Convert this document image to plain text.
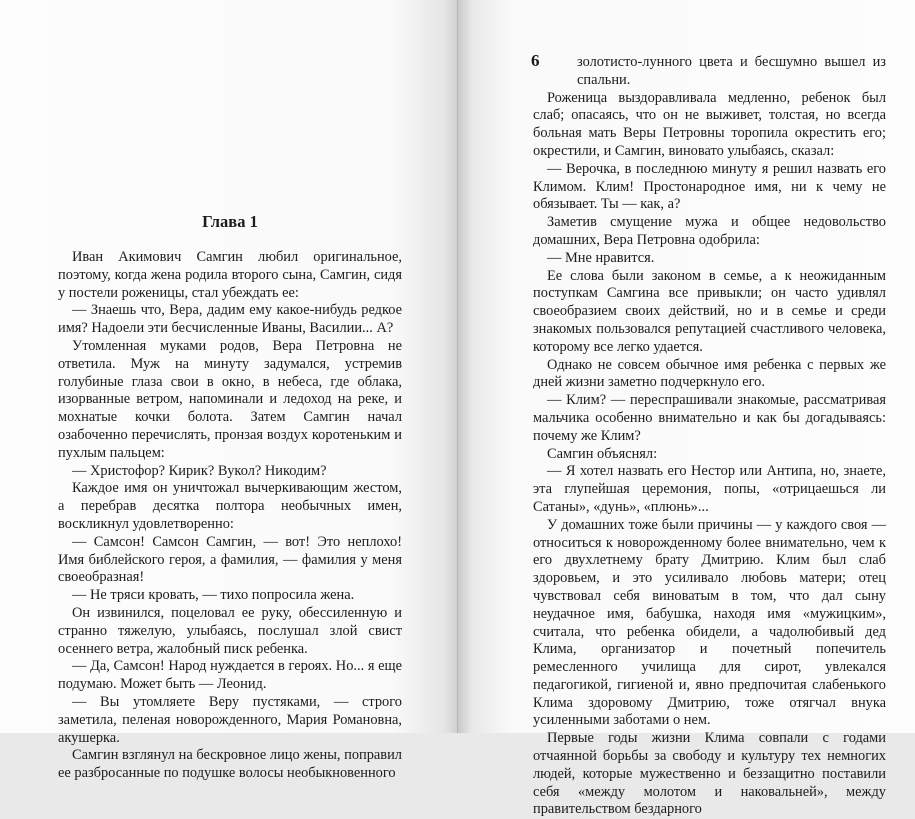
Глава 1

Иван Акимович Самгин любил оригинальное, поэтому, когда жена родила второго сына, Самгин, сидя у постели роженицы, стал убеждать ее:

— Знаешь что, Вера, дадим ему какое-нибудь редкое имя? Надоели эти бесчисленные Иваны, Василии... А?

Утомленная муками родов, Вера Петровна не ответила. Муж на минуту задумался, устремив голубиные глаза свои в окно, в небеса, где облака, изорванные ветром, напоминали и ледоход на реке, и мохнатые кочки болота. Затем Самгин начал озабоченно перечислять, пронзая воздух коротеньким и пухлым пальцем:

— Христофор? Кирик? Вукол? Никодим?

Каждое имя он уничтожал вычеркивающим жестом, а перебрав десятка полтора необычных имен, воскликнул удовлетворенно:

— Самсон! Самсон Самгин, — вот! Это неплохо! Имя библейского героя, а фамилия, — фамилия у меня своеобразная!

— Не тряси кровать, — тихо попросила жена.

Он извинился, поцеловал ее руку, обессиленную и странно тяжелую, улыбаясь, послушал злой свист осеннего ветра, жалобный писк ребенка.

— Да, Самсон! Народ нуждается в героях. Но... я еще подумаю. Может быть — Леонид.

— Вы утомляете Веру пустяками, — строго заметила, пеленая новорожденного, Мария Романовна, акушерка.

Самгин взглянул на бескровное лицо жены, поправил ее разбросанные по подушке волосы необыкновенного

6	золотисто-лунного цвета и бесшумно вышел из спальни.

Роженица выздоравливала медленно, ребенок был слаб; опасаясь, что он не выживет, толстая, но всегда больная мать Веры Петровны торопила окрестить его; окрестили, и Самгин, виновато улыбаясь, сказал:

— Верочка, в последнюю минуту я решил назвать его Климом. Клим! Простонародное имя, ни к чему не обязывает. Ты — как, а?

Заметив смущение мужа и общее недовольство домашних, Вера Петровна одобрила:

— Мне нравится.

Ее слова были законом в семье, а к неожиданным поступкам Самгина все привыкли; он часто удивлял своеобразием своих действий, но и в семье и среди знакомых пользовался репутацией счастливого человека, которому все легко удается.

Однако не совсем обычное имя ребенка с первых же дней жизни заметно подчеркнуло его.

— Клим? — переспрашивали знакомые, рассматривая мальчика особенно внимательно и как бы догадываясь: почему же Клим?

Самгин объяснял:

— Я хотел назвать его Нестор или Антипа, но, знаете, эта глупейшая церемония, попы, «отрицаешься ли Сатаны», «дунь», «плюнь»...

У домашних тоже были причины — у каждого своя — относиться к новорожденному более внимательно, чем к его двухлетнему брату Дмитрию. Клим был слаб здоровьем, и это усиливало любовь матери; отец чувствовал себя виноватым в том, что дал сыну неудачное имя, бабушка, находя имя «мужицким», считала, что ребенка обидели, а чадолюбивый дед Клима, организатор и почетный попечитель ремесленного училища для сирот, увлекался педагогикой, гигиеной и, явно предпочитая слабенького Клима здоровому Дмитрию, тоже отягчал внука усиленными заботами о нем.

Первые годы жизни Клима совпали с годами отчаянной борьбы за свободу и культуру тех немногих людей, которые мужественно и беззащитно поставили себя «между молотом и наковальней», между правительством бездарного
